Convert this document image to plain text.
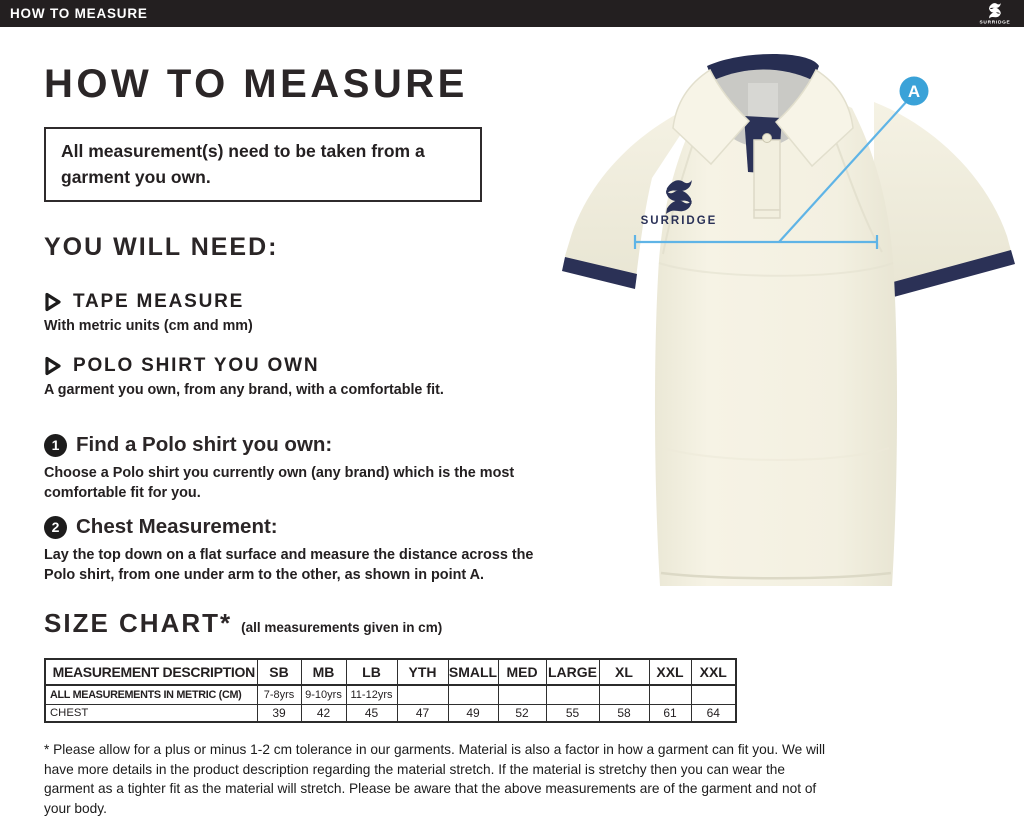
HOW TO MEASURE
SURRIDGE
HOW TO MEASURE
All measurement(s) need to be taken from a garment you own.
YOU WILL NEED:
TAPE MEASURE
With metric units (cm and mm)
POLO SHIRT YOU OWN
A garment you own, from any brand, with a comfortable fit.
1 Find a Polo shirt you own:
Choose a Polo shirt you currently own (any brand) which is the most comfortable fit for you.
2 Chest Measurement:
Lay the top down on a flat surface and measure the distance across the Polo shirt, from one under arm to the other, as shown in point A.
SIZE CHART* (all measurements given in cm)
MEASUREMENT DESCRIPTION	SB	MB	LB	YTH	SMALL	MED	LARGE	XL	XXL	XXL
ALL MEASUREMENTS IN METRIC (CM)	7-8yrs	9-10yrs	11-12yrs							
CHEST	39	42	45	47	49	52	55	58	61	64
* Please allow for a plus or minus 1-2 cm tolerance in our garments. Material is also a factor in how a garment can fit you. We will have more details in the product description regarding the material stretch. If the material is stretchy then you can wear the garment as a tighter fit as the material will stretch. Please be aware that the above measurements are of the garment and not of your body.
SURRIDGE
A
